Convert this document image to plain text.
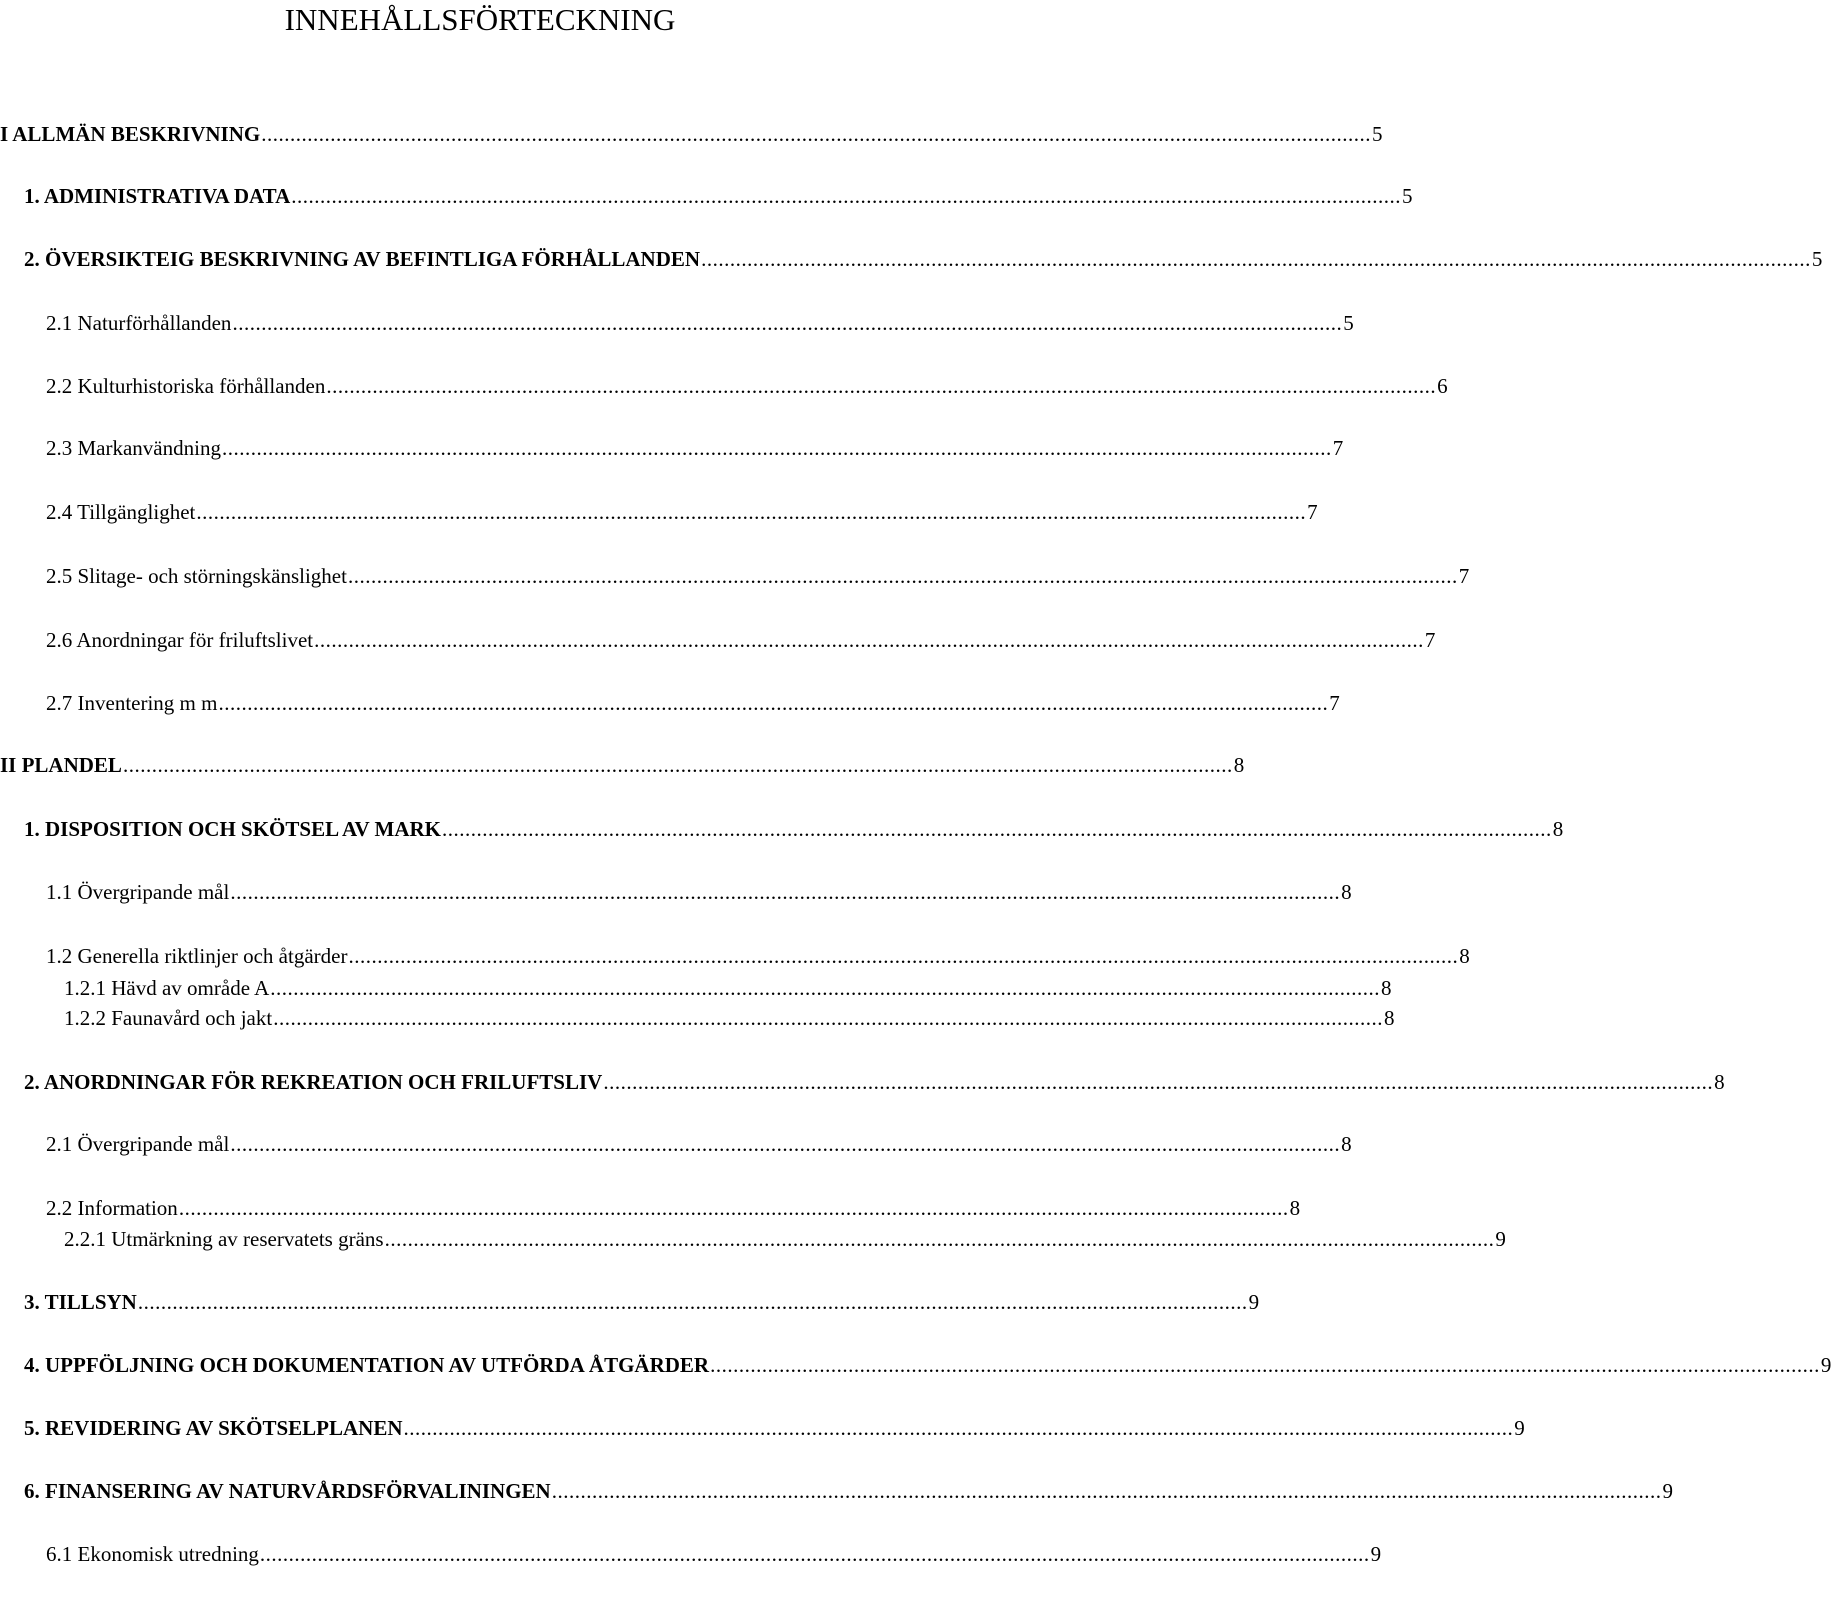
INNEHÅLLSFÖRTECKNING
I ALLMÄN BESKRIVNING ................................................................................................................................................................................................. 5
1. ADMINISTRATIVA DATA ................................................................................................................................................................................................. 5
2. ÖVERSIKTEIG BESKRIVNING AV BEFINTLIGA FÖRHÅLLANDEN ................................................................................................................................................................................................. 5
2.1 Naturförhållanden ................................................................................................................................................................................................. 5
2.2 Kulturhistoriska förhållanden ................................................................................................................................................................................................. 6
2.3 Markanvändning ................................................................................................................................................................................................. 7
2.4 Tillgänglighet ................................................................................................................................................................................................. 7
2.5 Slitage- och störningskänslighet ................................................................................................................................................................................................. 7
2.6 Anordningar för friluftslivet ................................................................................................................................................................................................. 7
2.7 Inventering m m ................................................................................................................................................................................................. 7
II PLANDEL ................................................................................................................................................................................................. 8
1. DISPOSITION OCH SKÖTSEL AV MARK ................................................................................................................................................................................................. 8
1.1 Övergripande mål ................................................................................................................................................................................................. 8
1.2 Generella riktlinjer och åtgärder ................................................................................................................................................................................................. 8
1.2.1 Hävd av område A ................................................................................................................................................................................................. 8
1.2.2 Faunavård och jakt ................................................................................................................................................................................................. 8
2. ANORDNINGAR FÖR REKREATION OCH FRILUFTSLIV ................................................................................................................................................................................................. 8
2.1 Övergripande mål ................................................................................................................................................................................................. 8
2.2 Information ................................................................................................................................................................................................. 8
2.2.1 Utmärkning av reservatets gräns ................................................................................................................................................................................................. 9
3. TILLSYN ................................................................................................................................................................................................. 9
4. UPPFÖLJNING OCH DOKUMENTATION AV UTFÖRDA ÅTGÄRDER ................................................................................................................................................................................................. 9
5. REVIDERING AV SKÖTSELPLANEN ................................................................................................................................................................................................. 9
6. FINANSERING AV NATURVÅRDSFÖRVALININGEN ................................................................................................................................................................................................. 9
6.1 Ekonomisk utredning ................................................................................................................................................................................................. 9
